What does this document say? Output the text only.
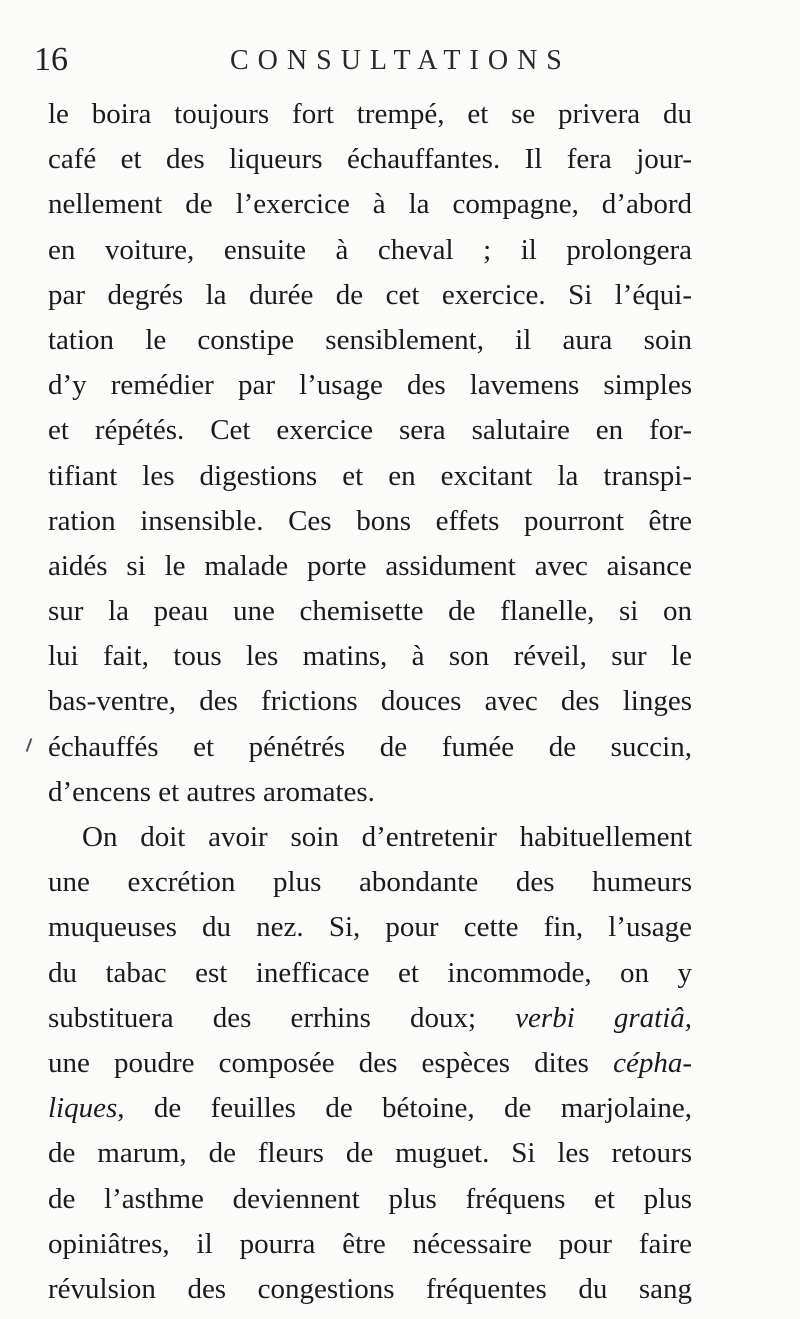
16	CONSULTATIONS
le boira toujours fort trempé, et se privera du
café et des liqueurs échauffantes. Il fera jour-
nellement de l’exercice à la compagne, d’abord
en voiture, ensuite à cheval ; il prolongera
par degrés la durée de cet exercice. Si l’équi-
tation le constipe sensiblement, il aura soin
d’y remédier par l’usage des lavemens simples
et répétés. Cet exercice sera salutaire en for-
tifiant les digestions et en excitant la transpi-
ration insensible. Ces bons effets pourront être
aidés si le malade porte assidument avec aisance
sur la peau une chemisette de flanelle, si on
lui fait, tous les matins, à son réveil, sur le
bas-ventre, des frictions douces avec des linges
échauffés et pénétrés de fumée de succin,
d’encens et autres aromates.
On doit avoir soin d’entretenir habituellement
une excrétion plus abondante des humeurs
muqueuses du nez. Si, pour cette fin, l’usage
du tabac est inefficace et incommode, on y
substituera des errhins doux; verbi gratiâ,
une poudre composée des espèces dites cépha-
liques, de feuilles de bétoine, de marjolaine,
de marum, de fleurs de muguet. Si les retours
de l’asthme deviennent plus fréquens et plus
opiniâtres, il pourra être nécessaire pour faire
révulsion des congestions fréquentes du sang
